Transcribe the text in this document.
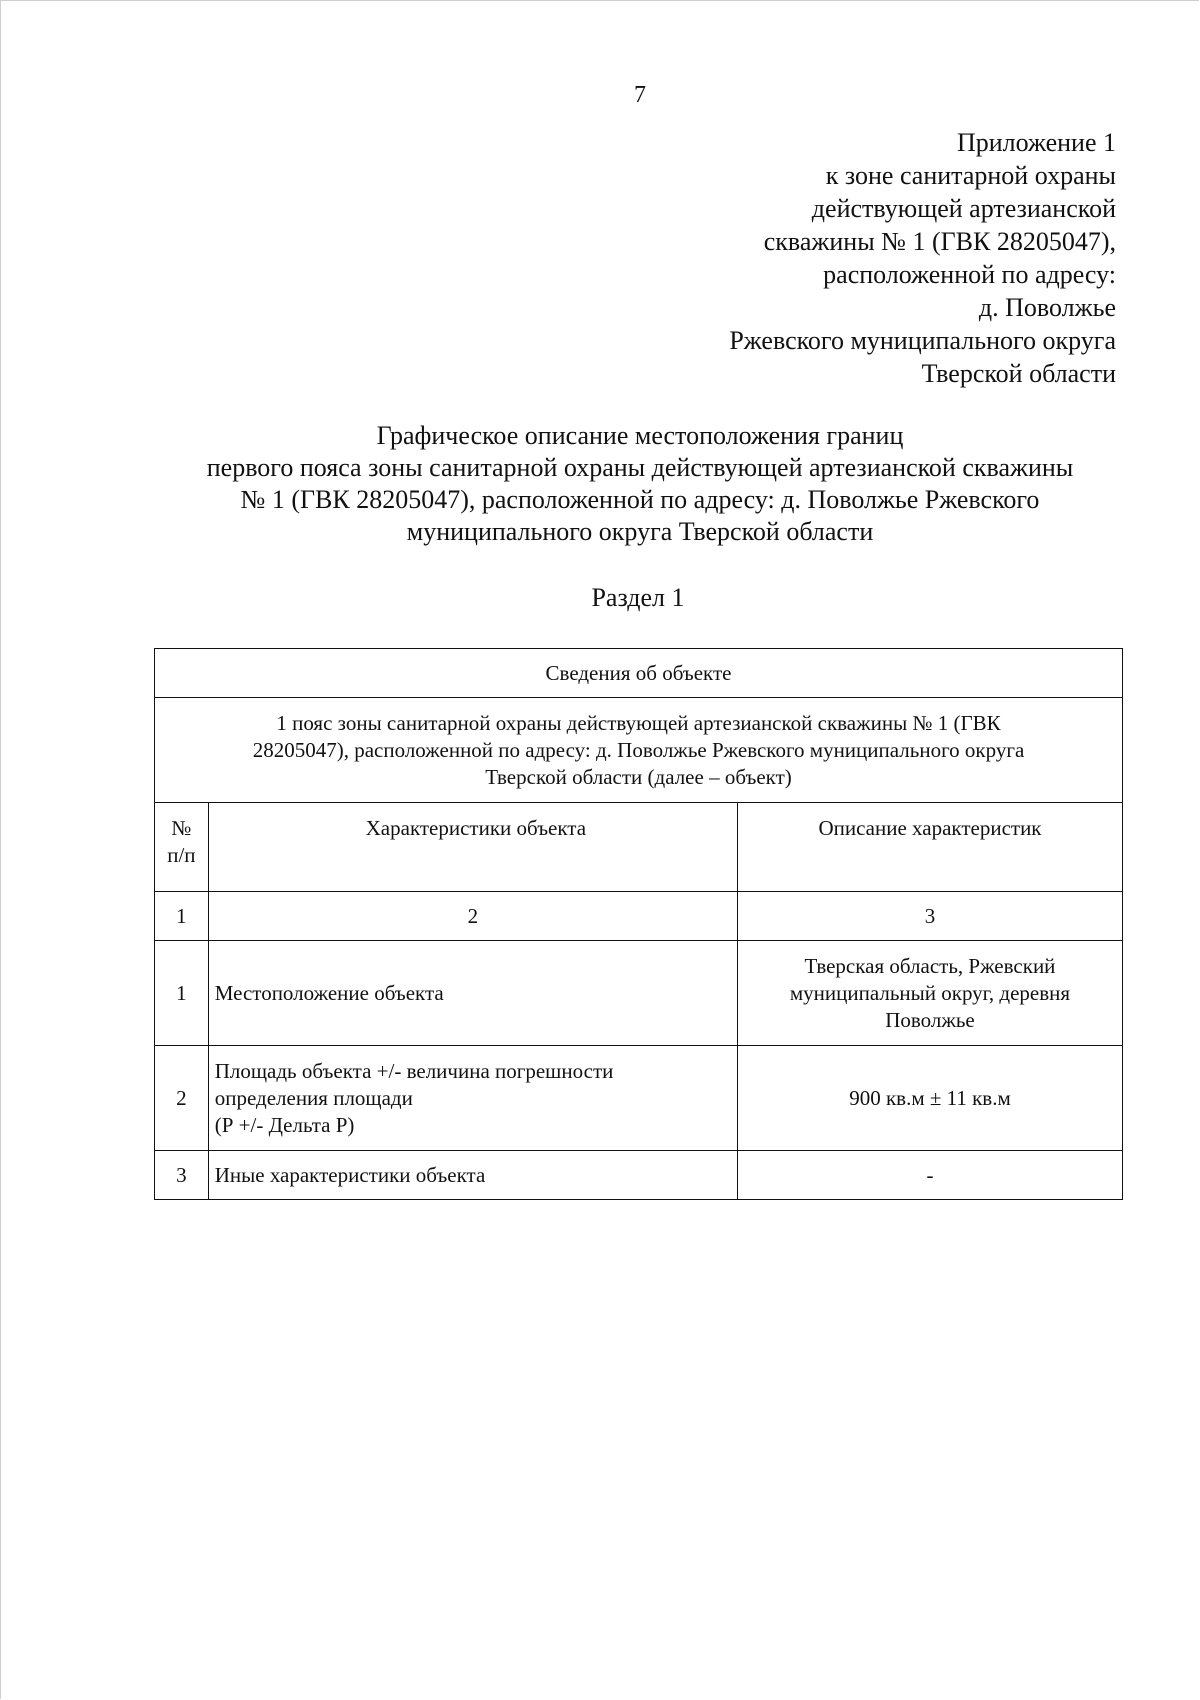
7
Приложение 1
к зоне санитарной охраны
действующей артезианской
скважины № 1 (ГВК 28205047),
расположенной по адресу:
д. Поволжье
Ржевского муниципального округа
Тверской области
Графическое описание местоположения границ
первого пояса зоны санитарной охраны действующей артезианской скважины
№ 1 (ГВК 28205047), расположенной по адресу: д. Поволжье Ржевского
муниципального округа Тверской области
Раздел 1
Сведения об объекте		

1 пояс зоны санитарной охраны действующей артезианской скважины № 1 (ГВК
28205047), расположенной по адресу: д. Поволжье Ржевского муниципального округа
Тверской области (далее – объект)		

№
п/п	Характеристики объекта	Описание характеристик
1	2	3
1	Местоположение объекта	Тверская область, Ржевский
муниципальный округ, деревня
Поволжье

2	Площадь объекта +/- величина погрешности
определения площади
(Р +/- Дельта Р)	900 кв.м ± 11 кв.м

3	Иные характеристики объекта	-
